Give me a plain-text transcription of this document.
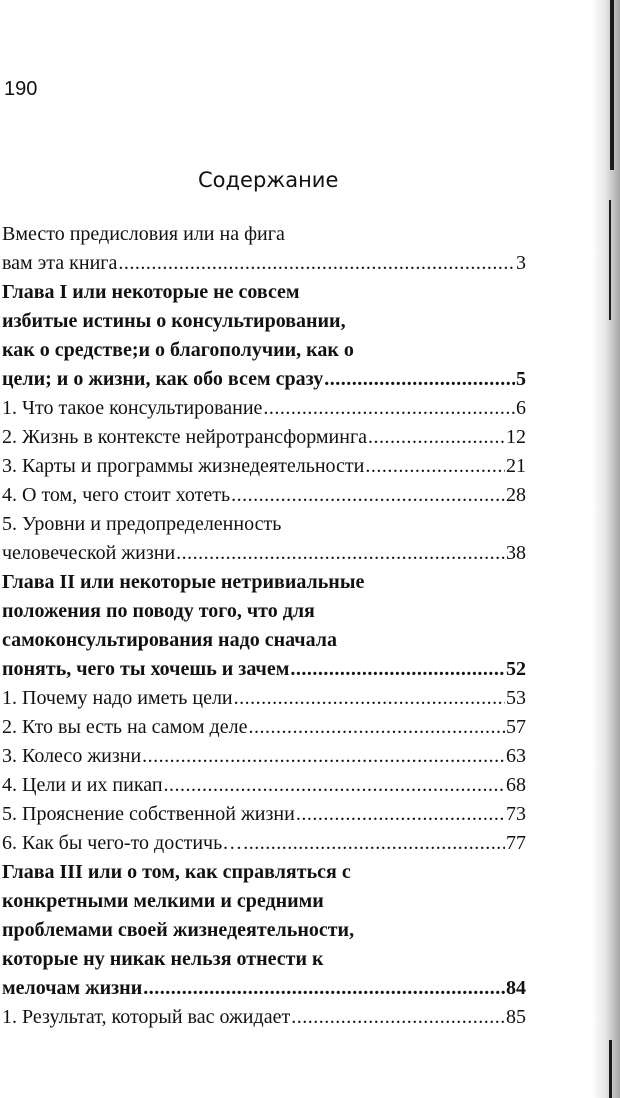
190
Содержание
Вместо предисловия или на фига
вам эта книга .....	3
Глава I или некоторые не совсем
избитые истины о консультировании,
как о средстве;и о благополучии, как о
цели; и о жизни, как обо всем сразу .....	5
1. Что такое консультирование .....	6
2. Жизнь в контексте нейротрансформинга .....	12
3. Карты и программы жизнедеятельности .....	21
4. О том, чего стоит хотеть .....	28
5. Уровни и предопределенность
человеческой жизни .....	38
Глава II или некоторые нетривиальные
положения по поводу того, что для
самоконсультирования надо сначала
понять, чего ты хочешь и зачем .....	52
1. Почему надо иметь цели .....	53
2. Кто вы есть на самом деле .....	57
3. Колесо жизни .....	63
4. Цели и их пикап .....	68
5. Прояснение собственной жизни .....	73
6. Как бы чего-то достичь… .....	77
Глава III или о том, как справляться с
конкретными мелкими и средними
проблемами своей жизнедеятельности,
которые ну никак нельзя отнести к
мелочам жизни .....	84
1. Результат, который вас ожидает .....	85
